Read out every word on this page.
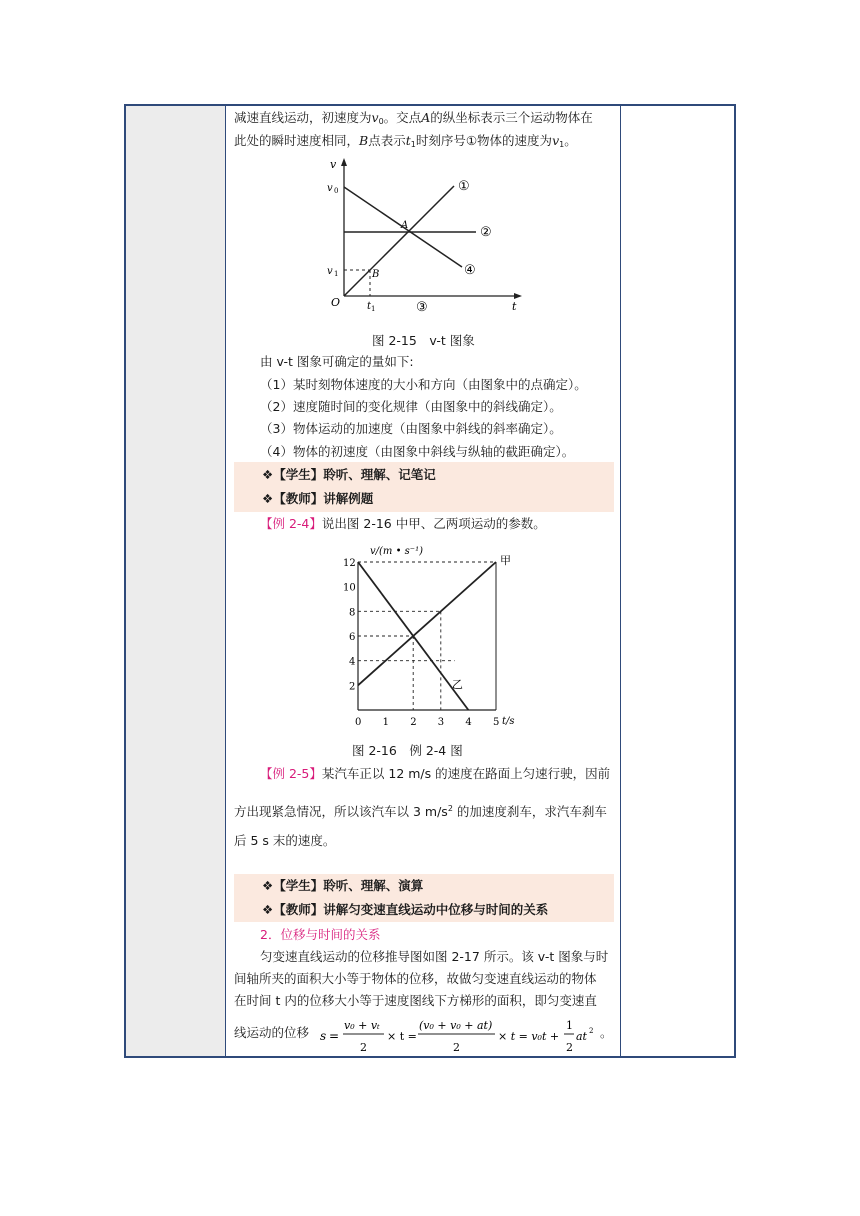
减速直线运动，初速度为$v_0$。交点A的纵坐标表示三个运动物体在
此处的瞬时速度相同，B点表示$t_1$时刻序号①物体的速度为$v_1$。
v
v 0
v 1
O	t 1	t
A
B
①
②
③
④
图 2-15　v-t 图象
由 v-t 图象可确定的量如下:
（1）某时刻物体速度的大小和方向（由图象中的点确定）。
（2）速度随时间的变化规律（由图象中的斜线确定）。
（3）物体运动的加速度（由图象中斜线的斜率确定）。
（4）物体的初速度（由图象中斜线与纵轴的截距确定）。
❖【学生】聆听、理解、记笔记
❖【教师】讲解例题
【例 2-4】说出图 2-16 中甲、乙两项运动的参数。
甲
乙
0 1 2 3 4 5
2
4
6
8
10
12
v/(m • s⁻¹)
t/s
图 2-16　例 2-4 图
【例 2-5】某汽车正以 12 m/s 的速度在路面上匀速行驶，因前
方出现紧急情况，所以该汽车以 3 $m/s^2$ 的加速度刹车，求汽车刹车
后 5 s 末的速度。
❖【学生】聆听、理解、演算
❖【教师】讲解匀变速直线运动中位移与时间的关系
2．位移与时间的关系
匀变速直线运动的位移推导图如图 2-17 所示。该 v-t 图象与时
间轴所夹的面积大小等于物体的位移，故做匀变速直线运动的物体
在时间 t 内的位移大小等于速度图线下方梯形的面积，即匀变速直
线运动的位移 s =
v₀ + vₜ
2
× t =
(v₀ + v₀ + at)
2
× t = v₀t +
1
2
at 2 。
